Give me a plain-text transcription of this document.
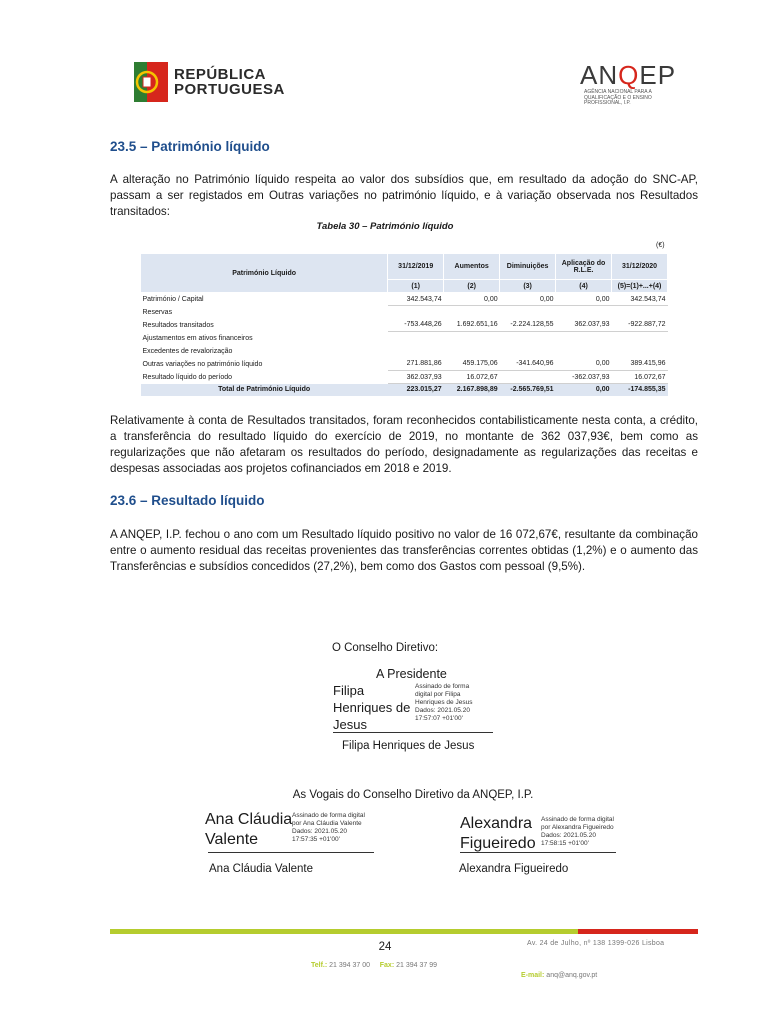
REPÚBLICA
PORTUGUESA	ANQEP
AGÊNCIA NACIONAL PARA A QUALIFICAÇÃO E O ENSINO PROFISSIONAL, I.P.
23.5 – Património líquido

A alteração no Património líquido respeita ao valor dos subsídios que, em resultado da adoção do SNC-AP, passam a ser registados em Outras variações no património líquido, e à variação observada nos Resultados transitados:

Tabela 30 – Património líquido
(€)
Património Líquido	31/12/2019	Aumentos	Diminuições	Aplicação do R.L.E.	31/12/2020
	(1)	(2)	(3)	(4)	(5)=(1)+...+(4)
Património / Capital	342.543,74	0,00	0,00	0,00	342.543,74
Reservas					
Resultados transitados	-753.448,26	1.692.651,16	-2.224.128,55	362.037,93	-922.887,72
Ajustamentos em ativos financeiros					
Excedentes de revalorização					
Outras variações no património líquido	271.881,86	459.175,06	-341.640,96	0,00	389.415,96
Resultado líquido do período	362.037,93	16.072,67		-362.037,93	16.072,67
Total de Património Líquido	223.015,27	2.167.898,89	-2.565.769,51	0,00	-174.855,35

Relativamente à conta de Resultados transitados, foram reconhecidos contabilisticamente nesta conta, a crédito, a transferência do resultado líquido do exercício de 2019, no montante de 362 037,93€, bem como as regularizações que não afetaram os resultados do período, designadamente as regularizações das receitas e despesas associadas aos projetos cofinanciados em 2018 e 2019.

23.6 – Resultado líquido

A ANQEP, I.P. fechou o ano com um Resultado líquido positivo no valor de 16 072,67€, resultante da combinação entre o aumento residual das receitas provenientes das transferências correntes obtidas (1,2%) e o aumento das Transferências e subsídios concedidos (27,2%), bem como dos Gastos com pessoal (9,5%).

O Conselho Diretivo:
A Presidente
Filipa
Henriques de
Jesus
Assinado de forma
digital por Filipa
Henriques de Jesus
Dados: 2021.05.20
17:57:07 +01'00'
Filipa Henriques de Jesus
As Vogais do Conselho Diretivo da ANQEP, I.P.
Ana Cláudia
Valente
Assinado de forma digital
por Ana Cláudia Valente
Dados: 2021.05.20
17:57:35 +01'00'
Ana Cláudia Valente
Alexandra
Figueiredo
Assinado de forma digital
por Alexandra Figueiredo
Dados: 2021.05.20
17:58:15 +01'00'
Alexandra Figueiredo
24	Av. 24 de Julho, nº 138 1399-026 Lisboa
Telf.: 21 394 37 00 Fax: 21 394 37 99
E-mail: anq@anq.gov.pt
